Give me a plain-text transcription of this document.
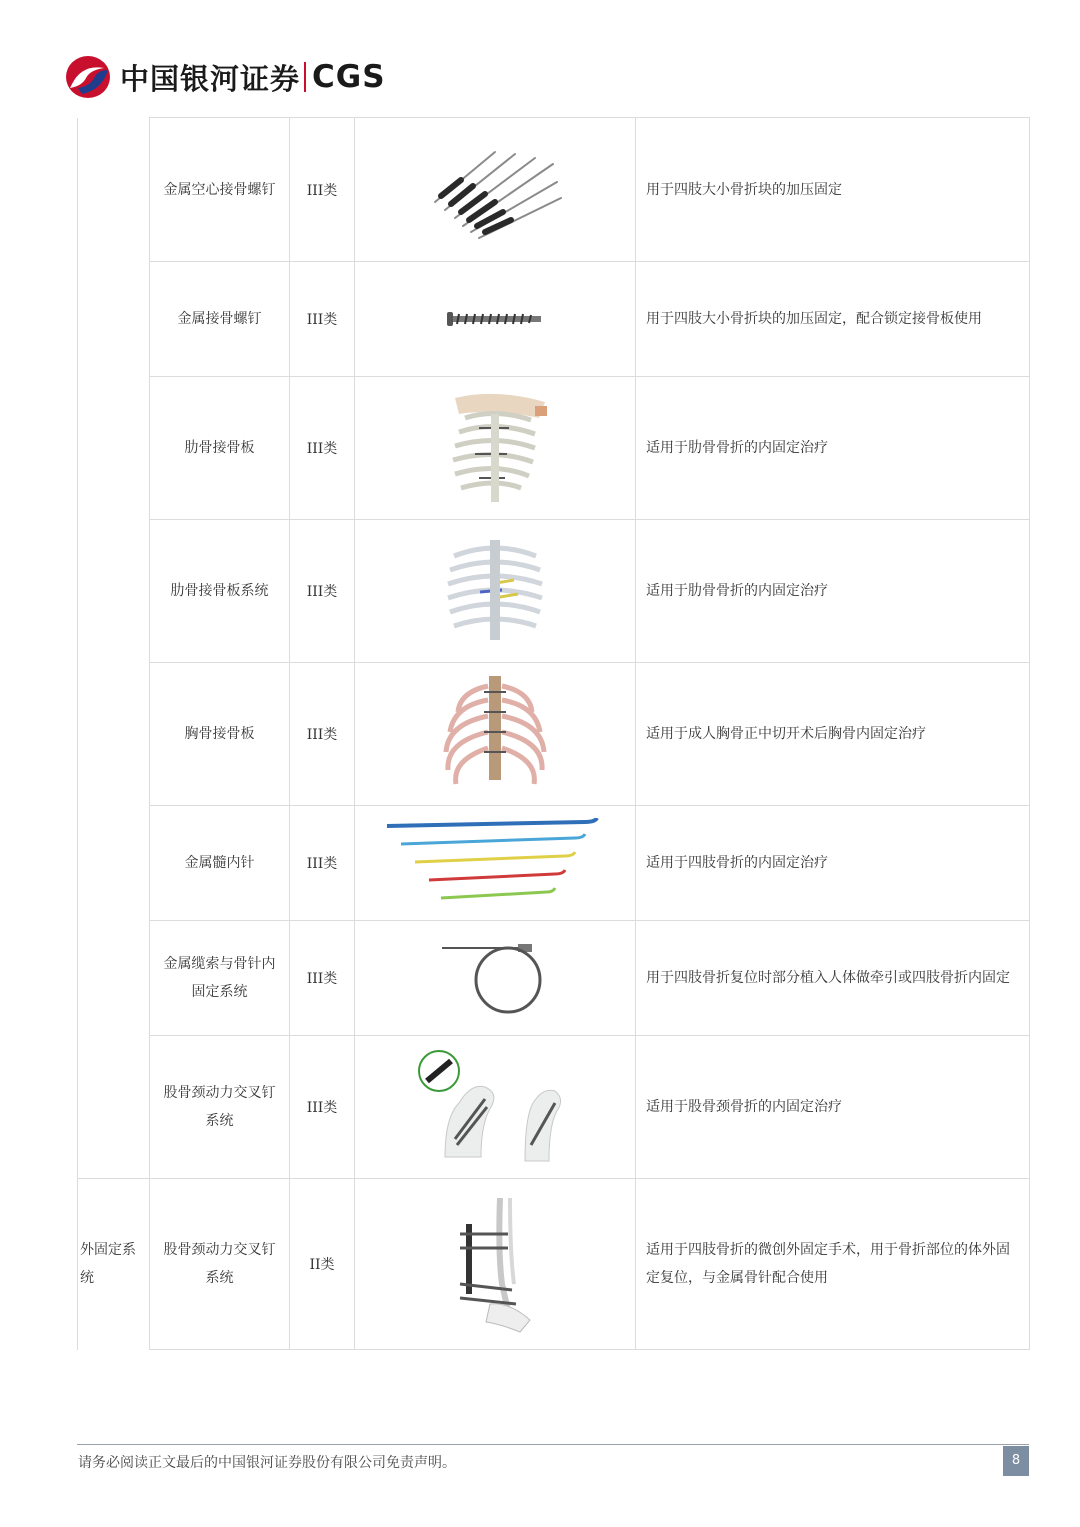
中国银河证券 CGS
	金属空心接骨螺钉	III类		用于四肢大小骨折块的加压固定
	金属接骨螺钉	III类		用于四肢大小骨折块的加压固定，配合锁定接骨板使用
	肋骨接骨板	III类		适用于肋骨骨折的内固定治疗
	肋骨接骨板系统	III类		适用于肋骨骨折的内固定治疗
	胸骨接骨板	III类		适用于成人胸骨正中切开术后胸骨内固定治疗
	金属髓内针	III类		适用于四肢骨折的内固定治疗
	金属缆索与骨针内固定系统	III类		用于四肢骨折复位时部分植入人体做牵引或四肢骨折内固定
	股骨颈动力交叉钉系统	III类		适用于股骨颈骨折的内固定治疗
外固定系统	股骨颈动力交叉钉系统	II类		适用于四肢骨折的微创外固定手术，用于骨折部位的体外固定复位，与金属骨针配合使用
请务必阅读正文最后的中国银河证券股份有限公司免责声明。	8
